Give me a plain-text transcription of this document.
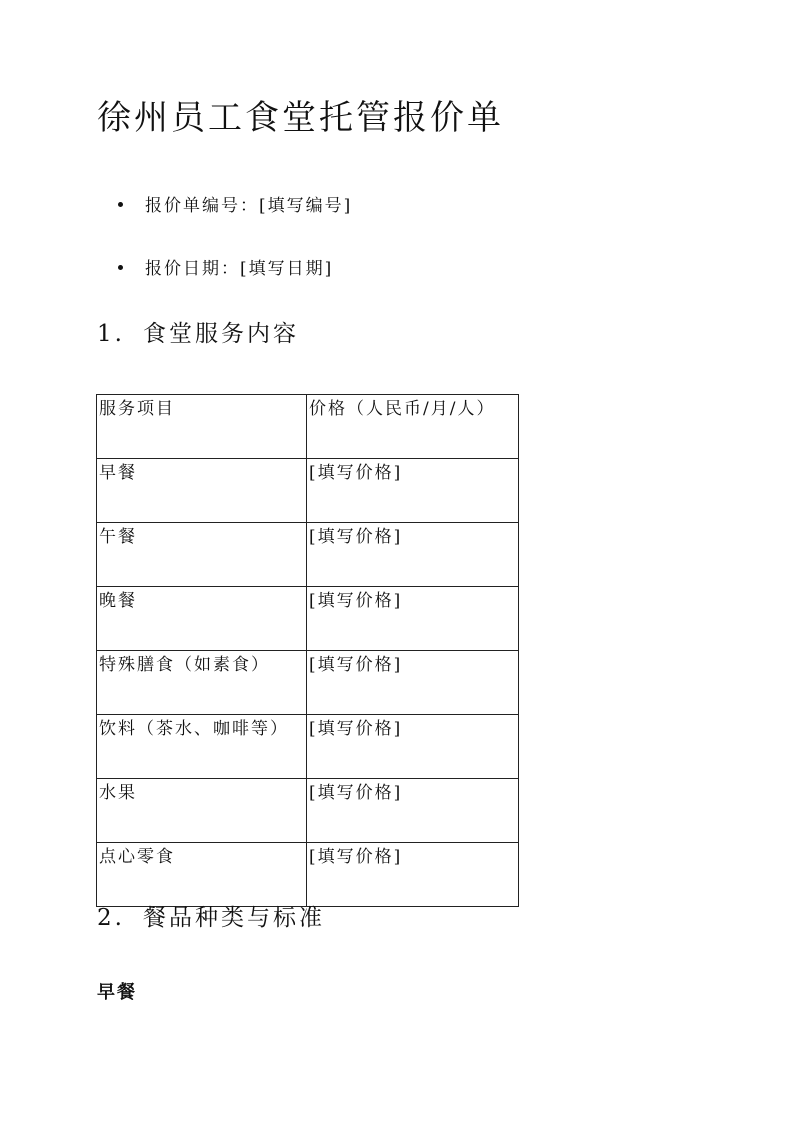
徐州员工食堂托管报价单
报价单编号：[填写编号]
报价日期：[填写日期]
1. 食堂服务内容
服务项目	价格（人民币/月/人）
早餐	[填写价格]
午餐	[填写价格]
晚餐	[填写价格]
特殊膳食（如素食）	[填写价格]
饮料（茶水、咖啡等）	[填写价格]
水果	[填写价格]
点心零食	[填写价格]
2. 餐品种类与标准
早餐
